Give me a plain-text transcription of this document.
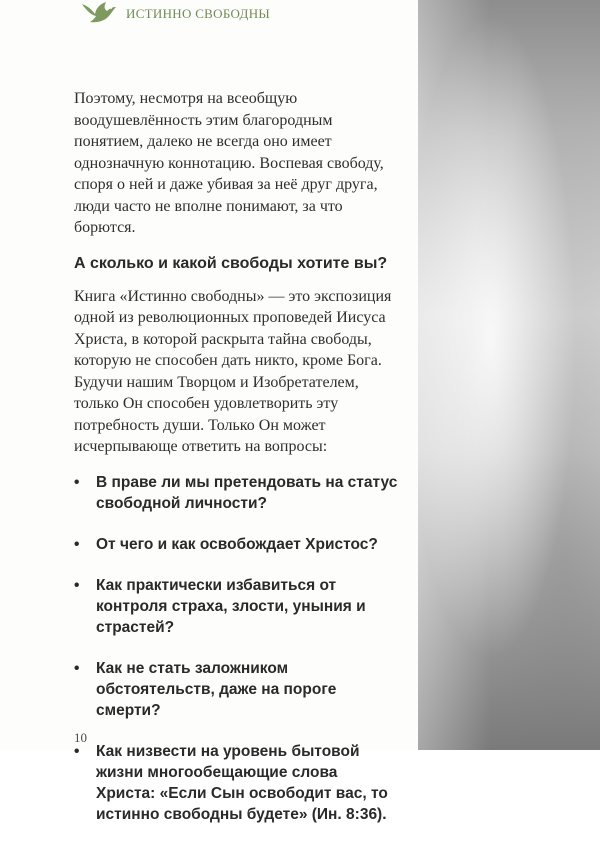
ИСТИННО СВОБОДНЫ

Поэтому, несмотря на всеобщую воодушевлённость этим благородным понятием, далеко не всегда оно имеет однозначную коннотацию. Воспевая свободу, споря о ней и даже убивая за неё друг друга, люди часто не вполне понимают, за что борются.

А сколько и какой свободы хотите вы?

Книга «Истинно свободны» — это экспозиция одной из революционных проповедей Иисуса Христа, в которой раскрыта тайна свободы, которую не способен дать никто, кроме Бога. Будучи нашим Творцом и Изобретателем, только Он способен удовлетворить эту потребность души. Только Он может исчерпывающе ответить на вопросы:

•	В праве ли мы претендовать на статус свободной личности?
•	От чего и как освобождает Христос?
•	Как практически избавиться от контроля страха, злости, уныния и страстей?
•	Как не стать заложником обстоятельств, даже на пороге смерти?
•	Как низвести на уровень бытовой жизни многообещающие слова Христа: «Если Сын освободит вас, то истинно свободны будете» (Ин. 8:36).
10
